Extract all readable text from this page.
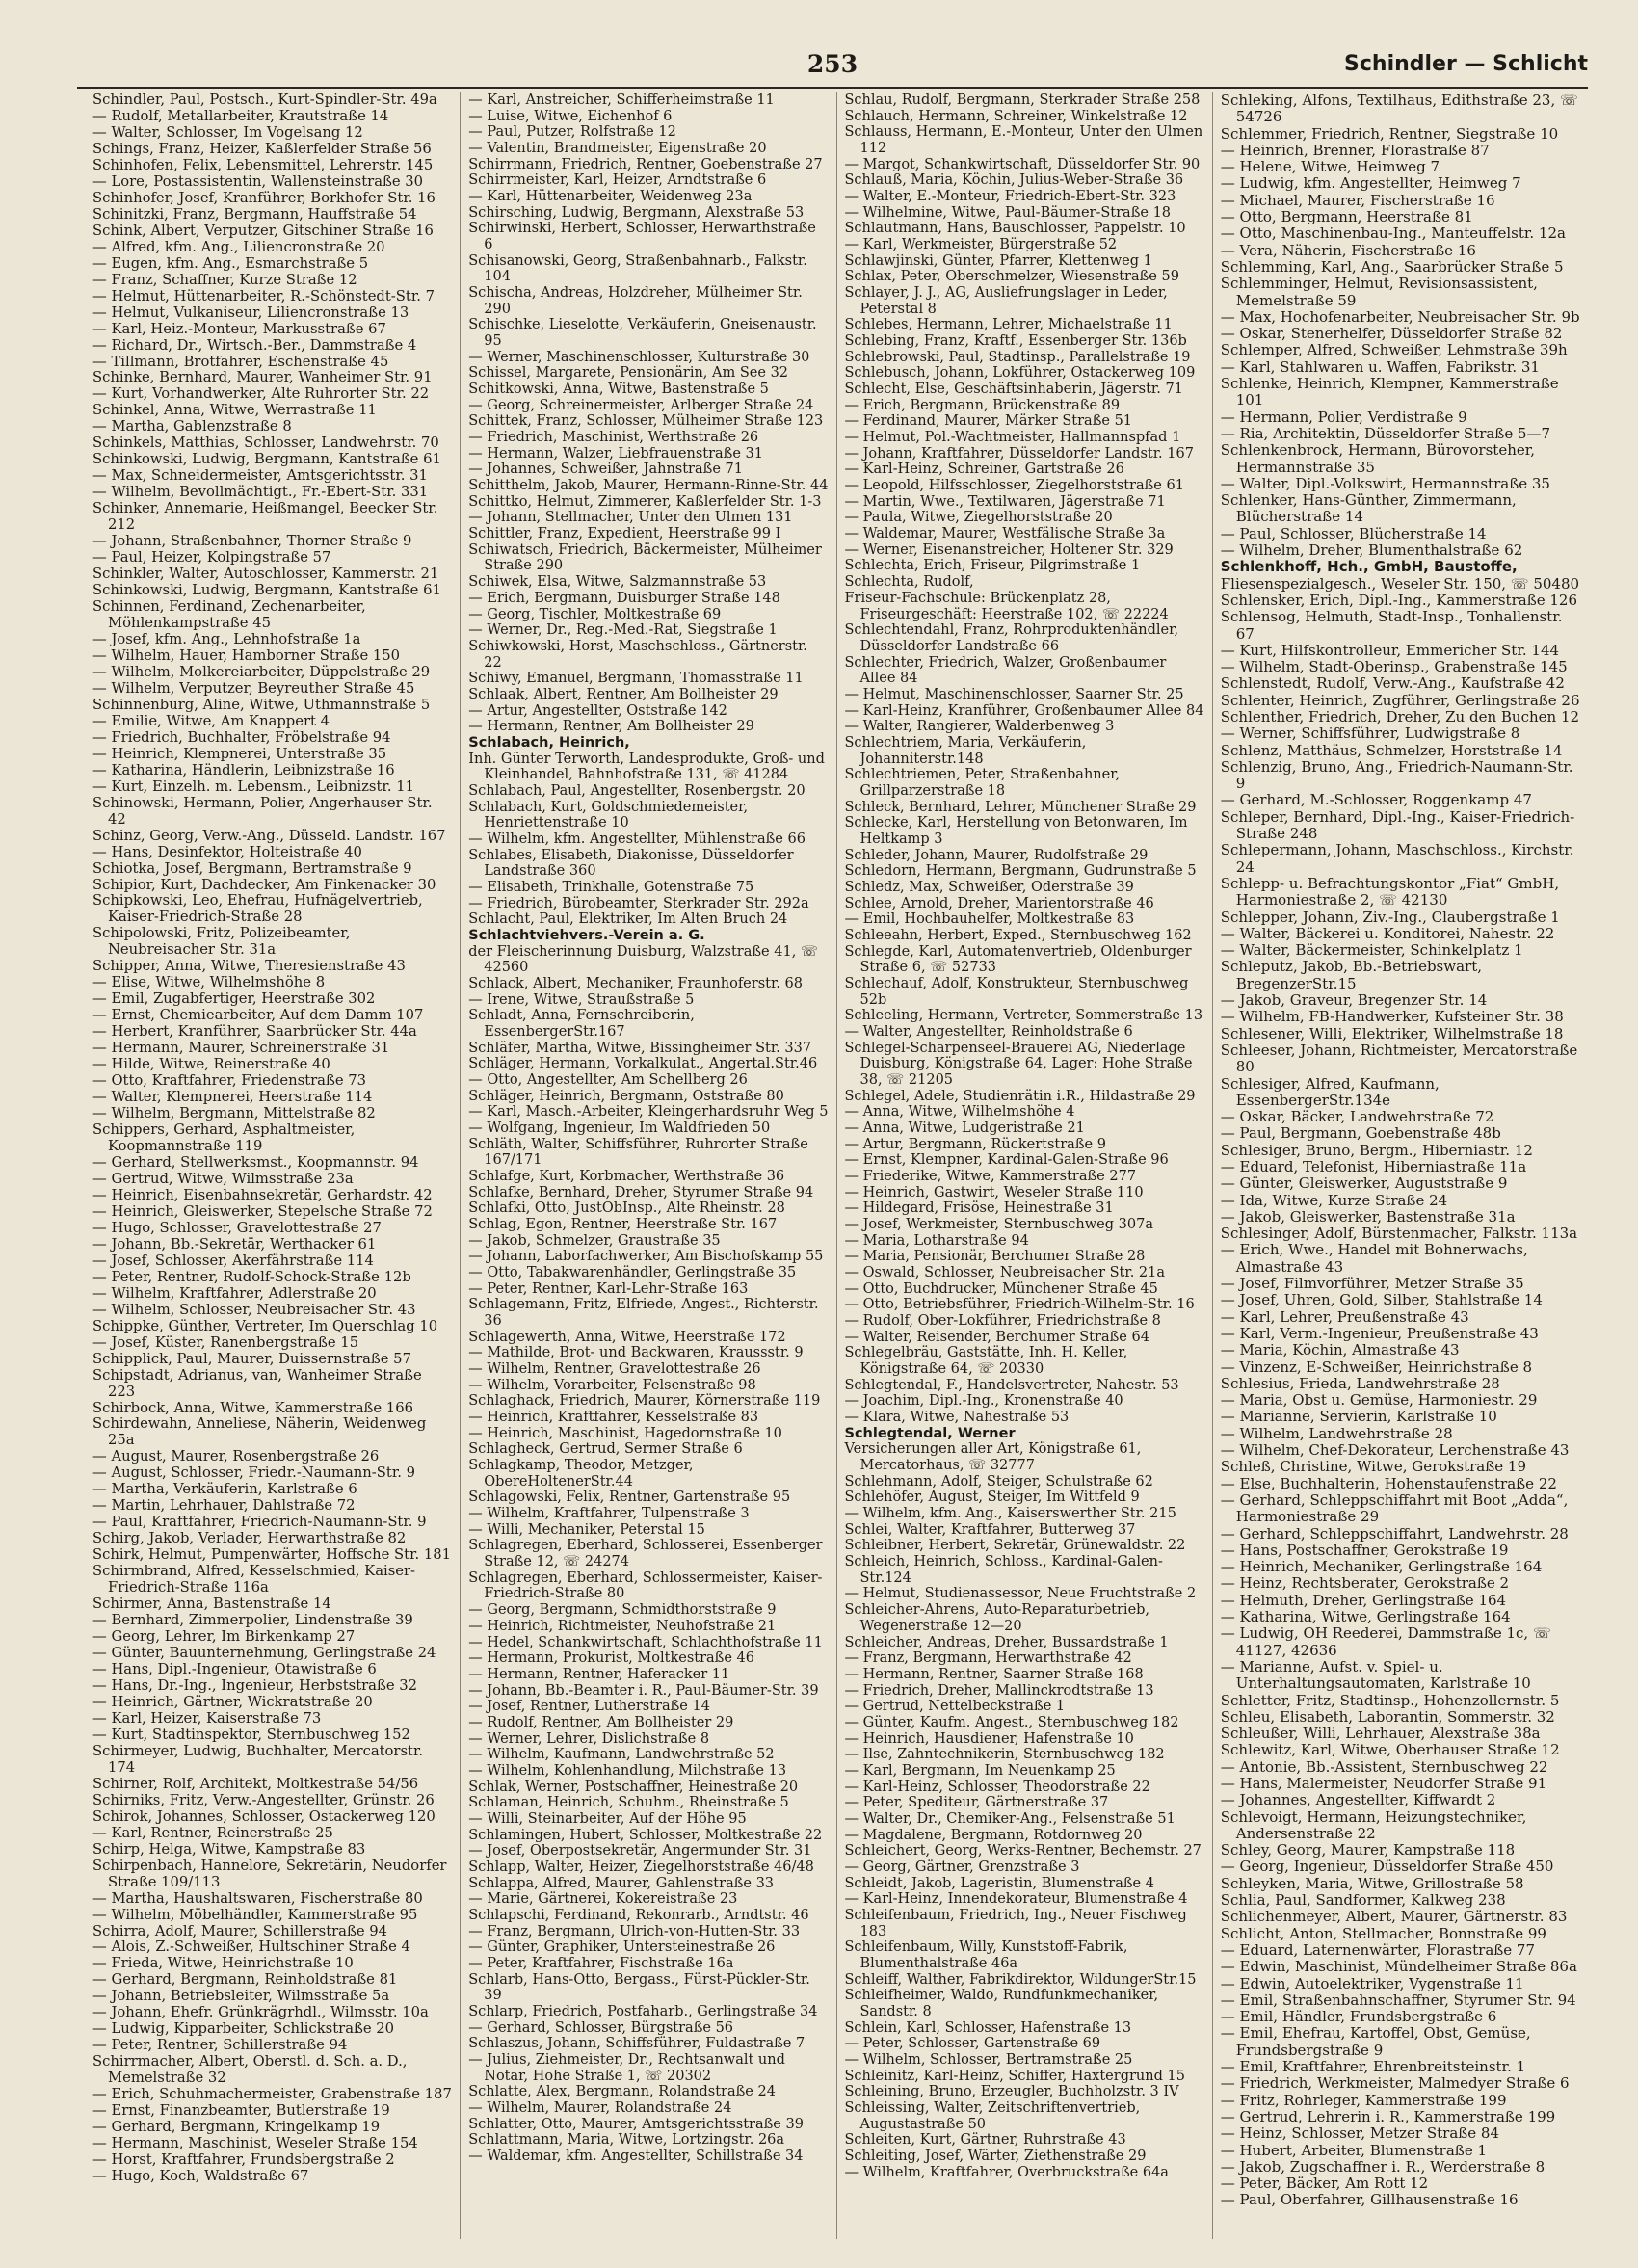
253	Schindler — Schlicht

Schindler, Paul, Postsch., Kurt-Spindler-Str. 49a

— Rudolf, Metallarbeiter, Krautstraße 14

— Walter, Schlosser, Im Vogelsang 12

Schings, Franz, Heizer, Kaßlerfelder Straße 56

Schinhofen, Felix, Lebensmittel, Lehrerstr. 145

— Lore, Postassistentin, Wallensteinstraße 30

Schinhofer, Josef, Kranführer, Borkhofer Str. 16

Schinitzki, Franz, Bergmann, Hauffstraße 54

Schink, Albert, Verputzer, Gitschiner Straße 16

— Alfred, kfm. Ang., Liliencronstraße 20

— Eugen, kfm. Ang., Esmarchstraße 5

— Franz, Schaffner, Kurze Straße 12

— Helmut, Hüttenarbeiter, R.-Schönstedt-Str. 7

— Helmut, Vulkaniseur, Liliencronstraße 13

— Karl, Heiz.-Monteur, Markusstraße 67

— Richard, Dr., Wirtsch.-Ber., Dammstraße 4

— Tillmann, Brotfahrer, Eschenstraße 45

Schinke, Bernhard, Maurer, Wanheimer Str. 91

— Kurt, Vorhandwerker, Alte Ruhrorter Str. 22

Schinkel, Anna, Witwe, Werrastraße 11

— Martha, Gablenzstraße 8

Schinkels, Matthias, Schlosser, Landwehrstr. 70

Schinkowski, Ludwig, Bergmann, Kantstraße 61

— Max, Schneidermeister, Amtsgerichtsstr. 31

— Wilhelm, Bevollmächtigt., Fr.-Ebert-Str. 331

Schinker, Annemarie, Heißmangel, Beecker Str. 212

— Johann, Straßenbahner, Thorner Straße 9

— Paul, Heizer, Kolpingstraße 57

Schinkler, Walter, Autoschlosser, Kammerstr. 21

Schinkowski, Ludwig, Bergmann, Kantstraße 61

Schinnen, Ferdinand, Zechenarbeiter, Möhlenkampstraße 45

— Josef, kfm. Ang., Lehnhofstraße 1a

— Wilhelm, Hauer, Hamborner Straße 150

— Wilhelm, Molkereiarbeiter, Düppelstraße 29

— Wilhelm, Verputzer, Beyreuther Straße 45

Schinnenburg, Aline, Witwe, Uthmannstraße 5

— Emilie, Witwe, Am Knappert 4

— Friedrich, Buchhalter, Fröbelstraße 94

— Heinrich, Klempnerei, Unterstraße 35

— Katharina, Händlerin, Leibnizstraße 16

— Kurt, Einzelh. m. Lebensm., Leibnizstr. 11

Schinowski, Hermann, Polier, Angerhauser Str. 42

Schinz, Georg, Verw.-Ang., Düsseld. Landstr. 167

— Hans, Desinfektor, Holteistraße 40

Schiotka, Josef, Bergmann, Bertramstraße 9

Schipior, Kurt, Dachdecker, Am Finkenacker 30

Schipkowski, Leo, Ehefrau, Hufnägelvertrieb, Kaiser-Friedrich-Straße 28

Schipolowski, Fritz, Polizeibeamter, Neubreisacher Str. 31a

Schipper, Anna, Witwe, Theresienstraße 43

— Elise, Witwe, Wilhelmshöhe 8

— Emil, Zugabfertiger, Heerstraße 302

— Ernst, Chemiearbeiter, Auf dem Damm 107

— Herbert, Kranführer, Saarbrücker Str. 44a

— Hermann, Maurer, Schreinerstraße 31

— Hilde, Witwe, Reinerstraße 40

— Otto, Kraftfahrer, Friedenstraße 73

— Walter, Klempnerei, Heerstraße 114

— Wilhelm, Bergmann, Mittelstraße 82

Schippers, Gerhard, Asphaltmeister, Koopmannstraße 119

— Gerhard, Stellwerksmst., Koopmannstr. 94

— Gertrud, Witwe, Wilmsstraße 23a

— Heinrich, Eisenbahnsekretär, Gerhardstr. 42

— Heinrich, Gleiswerker, Stepelsche Straße 72

— Hugo, Schlosser, Gravelottestraße 27

— Johann, Bb.-Sekretär, Werthacker 61

— Josef, Schlosser, Akerfährstraße 114

— Peter, Rentner, Rudolf-Schock-Straße 12b

— Wilhelm, Kraftfahrer, Adlerstraße 20

— Wilhelm, Schlosser, Neubreisacher Str. 43

Schippke, Günther, Vertreter, Im Querschlag 10

— Josef, Küster, Ranenbergstraße 15

Schipplick, Paul, Maurer, Duissernstraße 57

Schipstadt, Adrianus, van, Wanheimer Straße 223

Schirbock, Anna, Witwe, Kammerstraße 166

Schirdewahn, Anneliese, Näherin, Weidenweg 25a

— August, Maurer, Rosenbergstraße 26

— August, Schlosser, Friedr.-Naumann-Str. 9

— Martha, Verkäuferin, Karlstraße 6

— Martin, Lehrhauer, Dahlstraße 72

— Paul, Kraftfahrer, Friedrich-Naumann-Str. 9

Schirg, Jakob, Verlader, Herwarthstraße 82

Schirk, Helmut, Pumpenwärter, Hoffsche Str. 181

Schirmbrand, Alfred, Kesselschmied, Kaiser-Friedrich-Straße 116a

Schirmer, Anna, Bastenstraße 14

— Bernhard, Zimmerpolier, Lindenstraße 39

— Georg, Lehrer, Im Birkenkamp 27

— Günter, Bauunternehmung, Gerlingstraße 24

— Hans, Dipl.-Ingenieur, Otawistraße 6

— Hans, Dr.-Ing., Ingenieur, Herbststraße 32

— Heinrich, Gärtner, Wickratstraße 20

— Karl, Heizer, Kaiserstraße 73

— Kurt, Stadtinspektor, Sternbuschweg 152

Schirmeyer, Ludwig, Buchhalter, Mercatorstr. 174

Schirner, Rolf, Architekt, Moltkestraße 54/56

Schirniks, Fritz, Verw.-Angestellter, Grünstr. 26

Schirok, Johannes, Schlosser, Ostackerweg 120

— Karl, Rentner, Reinerstraße 25

Schirp, Helga, Witwe, Kampstraße 83

Schirpenbach, Hannelore, Sekretärin, Neudorfer Straße 109/113

— Martha, Haushaltswaren, Fischerstraße 80

— Wilhelm, Möbelhändler, Kammerstraße 95

Schirra, Adolf, Maurer, Schillerstraße 94

— Alois, Z.-Schweißer, Hultschiner Straße 4

— Frieda, Witwe, Heinrichstraße 10

— Gerhard, Bergmann, Reinholdstraße 81

— Johann, Betriebsleiter, Wilmsstraße 5a

— Johann, Ehefr. Grünkrägrhdl., Wilmsstr. 10a

— Ludwig, Kipparbeiter, Schlickstraße 20

— Peter, Rentner, Schillerstraße 94

Schirrmacher, Albert, Oberstl. d. Sch. a. D., Memelstraße 32

— Erich, Schuhmachermeister, Grabenstraße 187

— Ernst, Finanzbeamter, Butlerstraße 19

— Gerhard, Bergmann, Kringelkamp 19

— Hermann, Maschinist, Weseler Straße 154

— Horst, Kraftfahrer, Frundsbergstraße 2

— Hugo, Koch, Waldstraße 67

— Karl, Anstreicher, Schifferheimstraße 11

— Luise, Witwe, Eichenhof 6

— Paul, Putzer, Rolfstraße 12

— Valentin, Brandmeister, Eigenstraße 20

Schirrmann, Friedrich, Rentner, Goebenstraße 27

Schirrmeister, Karl, Heizer, Arndtstraße 6

— Karl, Hüttenarbeiter, Weidenweg 23a

Schirsching, Ludwig, Bergmann, Alexstraße 53

Schirwinski, Herbert, Schlosser, Herwarthstraße 6

Schisanowski, Georg, Straßenbahnarb., Falkstr. 104

Schischa, Andreas, Holzdreher, Mülheimer Str. 290

Schischke, Lieselotte, Verkäuferin, Gneisenaustr. 95

— Werner, Maschinenschlosser, Kulturstraße 30

Schissel, Margarete, Pensionärin, Am See 32

Schitkowski, Anna, Witwe, Bastenstraße 5

— Georg, Schreinermeister, Arlberger Straße 24

Schittek, Franz, Schlosser, Mülheimer Straße 123

— Friedrich, Maschinist, Werthstraße 26

— Hermann, Walzer, Liebfrauenstraße 31

— Johannes, Schweißer, Jahnstraße 71

Schitthelm, Jakob, Maurer, Hermann-Rinne-Str. 44

Schittko, Helmut, Zimmerer, Kaßlerfelder Str. 1-3

— Johann, Stellmacher, Unter den Ulmen 131

Schittler, Franz, Expedient, Heerstraße 99 I

Schiwatsch, Friedrich, Bäckermeister, Mülheimer Straße 290

Schiwek, Elsa, Witwe, Salzmannstraße 53

— Erich, Bergmann, Duisburger Straße 148

— Georg, Tischler, Moltkestraße 69

— Werner, Dr., Reg.-Med.-Rat, Siegstraße 1

Schiwkowski, Horst, Maschschloss., Gärtnerstr. 22

Schiwy, Emanuel, Bergmann, Thomasstraße 11

Schlaak, Albert, Rentner, Am Bollheister 29

— Artur, Angestellter, Oststraße 142

— Hermann, Rentner, Am Bollheister 29

Schlabach, Heinrich,

Inh. Günter Terworth, Landesprodukte, Groß- und Kleinhandel, Bahnhofstraße 131, ☏ 41284

Schlabach, Paul, Angestellter, Rosenbergstr. 20

Schlabach, Kurt, Goldschmiedemeister, Henriettenstraße 10

— Wilhelm, kfm. Angestellter, Mühlenstraße 66

Schlabes, Elisabeth, Diakonisse, Düsseldorfer Landstraße 360

— Elisabeth, Trinkhalle, Gotenstraße 75

— Friedrich, Bürobeamter, Sterkrader Str. 292a

Schlacht, Paul, Elektriker, Im Alten Bruch 24

Schlachtviehvers.-Verein a. G.

der Fleischerinnung Duisburg, Walzstraße 41, ☏ 42560

Schlack, Albert, Mechaniker, Fraunhoferstr. 68

— Irene, Witwe, Straußstraße 5

Schladt, Anna, Fernschreiberin, EssenbergerStr.167

Schläfer, Martha, Witwe, Bissingheimer Str. 337

Schläger, Hermann, Vorkalkulat., Angertal.Str.46

— Otto, Angestellter, Am Schellberg 26

Schläger, Heinrich, Bergmann, Oststraße 80

— Karl, Masch.-Arbeiter, Kleingerhardsruhr Weg 5

— Wolfgang, Ingenieur, Im Waldfrieden 50

Schläth, Walter, Schiffsführer, Ruhrorter Straße 167/171

Schlafge, Kurt, Korbmacher, Werthstraße 36

Schlafke, Bernhard, Dreher, Styrumer Straße 94

Schlafki, Otto, JustObInsp., Alte Rheinstr. 28

Schlag, Egon, Rentner, Heerstraße Str. 167

— Jakob, Schmelzer, Graustraße 35

— Johann, Laborfachwerker, Am Bischofskamp 55

— Otto, Tabakwarenhändler, Gerlingstraße 35

— Peter, Rentner, Karl-Lehr-Straße 163

Schlagemann, Fritz, Elfriede, Angest., Richterstr. 36

Schlagewerth, Anna, Witwe, Heerstraße 172

— Mathilde, Brot- und Backwaren, Kraussstr. 9

— Wilhelm, Rentner, Gravelottestraße 26

— Wilhelm, Vorarbeiter, Felsenstraße 98

Schlaghack, Friedrich, Maurer, Körnerstraße 119

— Heinrich, Kraftfahrer, Kesselstraße 83

— Heinrich, Maschinist, Hagedornstraße 10

Schlagheck, Gertrud, Sermer Straße 6

Schlagkamp, Theodor, Metzger, ObereHoltenerStr.44

Schlagowski, Felix, Rentner, Gartenstraße 95

— Wilhelm, Kraftfahrer, Tulpenstraße 3

— Willi, Mechaniker, Peterstal 15

Schlagregen, Eberhard, Schlosserei, Essenberger Straße 12, ☏ 24274

Schlagregen, Eberhard, Schlossermeister, Kaiser-Friedrich-Straße 80

— Georg, Bergmann, Schmidthorststraße 9

— Heinrich, Richtmeister, Neuhofstraße 21

— Hedel, Schankwirtschaft, Schlachthofstraße 11

— Hermann, Prokurist, Moltkestraße 46

— Hermann, Rentner, Haferacker 11

— Johann, Bb.-Beamter i. R., Paul-Bäumer-Str. 39

— Josef, Rentner, Lutherstraße 14

— Rudolf, Rentner, Am Bollheister 29

— Werner, Lehrer, Dislichstraße 8

— Wilhelm, Kaufmann, Landwehrstraße 52

— Wilhelm, Kohlenhandlung, Milchstraße 13

Schlak, Werner, Postschaffner, Heinestraße 20

Schlaman, Heinrich, Schuhm., Rheinstraße 5

— Willi, Steinarbeiter, Auf der Höhe 95

Schlamingen, Hubert, Schlosser, Moltkestraße 22

— Josef, Oberpostsekretär, Angermunder Str. 31

Schlapp, Walter, Heizer, Ziegelhorststraße 46/48

Schlappa, Alfred, Maurer, Gahlenstraße 33

— Marie, Gärtnerei, Kokereistraße 23

Schlapschi, Ferdinand, Rekonrarb., Arndtstr. 46

— Franz, Bergmann, Ulrich-von-Hutten-Str. 33

— Günter, Graphiker, Untersteinestraße 26

— Peter, Kraftfahrer, Fischstraße 16a

Schlarb, Hans-Otto, Bergass., Fürst-Pückler-Str. 39

Schlarp, Friedrich, Postfaharb., Gerlingstraße 34

— Gerhard, Schlosser, Bürgstraße 56

Schlaszus, Johann, Schiffsführer, Fuldastraße 7

— Julius, Ziehmeister, Dr., Rechtsanwalt und Notar, Hohe Straße 1, ☏ 20302

Schlatte, Alex, Bergmann, Rolandstraße 24

— Wilhelm, Maurer, Rolandstraße 24

Schlatter, Otto, Maurer, Amtsgerichtsstraße 39

Schlattmann, Maria, Witwe, Lortzingstr. 26a

— Waldemar, kfm. Angestellter, Schillstraße 34

Schlau, Rudolf, Bergmann, Sterkrader Straße 258

Schlauch, Hermann, Schreiner, Winkelstraße 12

Schlauss, Hermann, E.-Monteur, Unter den Ulmen 112

— Margot, Schankwirtschaft, Düsseldorfer Str. 90

Schlauß, Maria, Köchin, Julius-Weber-Straße 36

— Walter, E.-Monteur, Friedrich-Ebert-Str. 323

— Wilhelmine, Witwe, Paul-Bäumer-Straße 18

Schlautmann, Hans, Bauschlosser, Pappelstr. 10

— Karl, Werkmeister, Bürgerstraße 52

Schlawjinski, Günter, Pfarrer, Klettenweg 1

Schlax, Peter, Oberschmelzer, Wiesenstraße 59

Schlayer, J. J., AG, Ausliefrungslager in Leder, Peterstal 8

Schlebes, Hermann, Lehrer, Michaelstraße 11

Schlebing, Franz, Kraftf., Essenberger Str. 136b

Schlebrowski, Paul, Stadtinsp., Parallelstraße 19

Schlebusch, Johann, Lokführer, Ostackerweg 109

Schlecht, Else, Geschäftsinhaberin, Jägerstr. 71

— Erich, Bergmann, Brückenstraße 89

— Ferdinand, Maurer, Märker Straße 51

— Helmut, Pol.-Wachtmeister, Hallmannspfad 1

— Johann, Kraftfahrer, Düsseldorfer Landstr. 167

— Karl-Heinz, Schreiner, Gartstraße 26

— Leopold, Hilfsschlosser, Ziegelhorststraße 61

— Martin, Wwe., Textilwaren, Jägerstraße 71

— Paula, Witwe, Ziegelhorststraße 20

— Waldemar, Maurer, Westfälische Straße 3a

— Werner, Eisenanstreicher, Holtener Str. 329

Schlechta, Erich, Friseur, Pilgrimstraße 1

Schlechta, Rudolf,

Friseur-Fachschule: Brückenplatz 28, Friseurgeschäft: Heerstraße 102, ☏ 22224

Schlechtendahl, Franz, Rohrproduktenhändler, Düsseldorfer Landstraße 66

Schlechter, Friedrich, Walzer, Großenbaumer Allee 84

— Helmut, Maschinenschlosser, Saarner Str. 25

— Karl-Heinz, Kranführer, Großenbaumer Allee 84

— Walter, Rangierer, Walderbenweg 3

Schlechtriem, Maria, Verkäuferin, Johanniterstr.148

Schlechtriemen, Peter, Straßenbahner, Grillparzerstraße 18

Schleck, Bernhard, Lehrer, Münchener Straße 29

Schlecke, Karl, Herstellung von Betonwaren, Im Heltkamp 3

Schleder, Johann, Maurer, Rudolfstraße 29

Schledorn, Hermann, Bergmann, Gudrunstraße 5

Schledz, Max, Schweißer, Oderstraße 39

Schlee, Arnold, Dreher, Marientorstraße 46

— Emil, Hochbauhelfer, Moltkestraße 83

Schleeahn, Herbert, Exped., Sternbuschweg 162

Schlegde, Karl, Automatenvertrieb, Oldenburger Straße 6, ☏ 52733

Schlechauf, Adolf, Konstrukteur, Sternbuschweg 52b

Schleeling, Hermann, Vertreter, Sommerstraße 13

— Walter, Angestellter, Reinholdstraße 6

Schlegel-Scharpenseel-Brauerei AG, Niederlage Duisburg, Königstraße 64, Lager: Hohe Straße 38, ☏ 21205

Schlegel, Adele, Studienrätin i.R., Hildastraße 29

— Anna, Witwe, Wilhelmshöhe 4

— Anna, Witwe, Ludgeristraße 21

— Artur, Bergmann, Rückertstraße 9

— Ernst, Klempner, Kardinal-Galen-Straße 96

— Friederike, Witwe, Kammerstraße 277

— Heinrich, Gastwirt, Weseler Straße 110

— Hildegard, Frisöse, Heinestraße 31

— Josef, Werkmeister, Sternbuschweg 307a

— Maria, Lotharstraße 94

— Maria, Pensionär, Berchumer Straße 28

— Oswald, Schlosser, Neubreisacher Str. 21a

— Otto, Buchdrucker, Münchener Straße 45

— Otto, Betriebsführer, Friedrich-Wilhelm-Str. 16

— Rudolf, Ober-Lokführer, Friedrichstraße 8

— Walter, Reisender, Berchumer Straße 64

Schlegelbräu, Gaststätte, Inh. H. Keller, Königstraße 64, ☏ 20330

Schlegtendal, F., Handelsvertreter, Nahestr. 53

— Joachim, Dipl.-Ing., Kronenstraße 40

— Klara, Witwe, Nahestraße 53

Schlegtendal, Werner

Versicherungen aller Art, Königstraße 61, Mercatorhaus, ☏ 32777

Schlehmann, Adolf, Steiger, Schulstraße 62

Schlehöfer, August, Steiger, Im Wittfeld 9

— Wilhelm, kfm. Ang., Kaiserswerther Str. 215

Schlei, Walter, Kraftfahrer, Butterweg 37

Schleibner, Herbert, Sekretär, Grünewaldstr. 22

Schleich, Heinrich, Schloss., Kardinal-Galen-Str.124

— Helmut, Studienassessor, Neue Fruchtstraße 2

Schleicher-Ahrens, Auto-Reparaturbetrieb, Wegenerstraße 12—20

Schleicher, Andreas, Dreher, Bussardstraße 1

— Franz, Bergmann, Herwarthstraße 42

— Hermann, Rentner, Saarner Straße 168

— Friedrich, Dreher, Mallinckrodtstraße 13

— Gertrud, Nettelbeckstraße 1

— Günter, Kaufm. Angest., Sternbuschweg 182

— Heinrich, Hausdiener, Hafenstraße 10

— Ilse, Zahntechnikerin, Sternbuschweg 182

— Karl, Bergmann, Im Neuenkamp 25

— Karl-Heinz, Schlosser, Theodorstraße 22

— Peter, Speditеur, Gärtnerstraße 37

— Walter, Dr., Chemiker-Ang., Felsenstraße 51

— Magdalene, Bergmann, Rotdornweg 20

Schleichert, Georg, Werks-Rentner, Bechemstr. 27

— Georg, Gärtner, Grenzstraße 3

Schleidt, Jakob, Lageristin, Blumenstraße 4

— Karl-Heinz, Innendekorateur, Blumenstraße 4

Schleifenbaum, Friedrich, Ing., Neuer Fischweg 183

Schleifenbaum, Willy, Kunststoff-Fabrik, Blumenthalstraße 46a

Schleiff, Walther, Fabrikdirektor, WildungerStr.15

Schleifheimer, Waldo, Rundfunkmechaniker, Sandstr. 8

Schlein, Karl, Schlosser, Hafenstraße 13

— Peter, Schlosser, Gartenstraße 69

— Wilhelm, Schlosser, Bertramstraße 25

Schleinitz, Karl-Heinz, Schiffer, Haxtergrund 15

Schleining, Bruno, Erzeugler, Buchholzstr. 3 IV

Schleissing, Walter, Zeitschriftenvertrieb, Augustastraße 50

Schleiten, Kurt, Gärtner, Ruhrstraße 43

Schleiting, Josef, Wärter, Ziethenstraße 29

— Wilhelm, Kraftfahrer, Overbruckstraße 64a

Schleking, Alfons, Textilhaus, Edithstraße 23, ☏ 54726

Schlemmer, Friedrich, Rentner, Siegstraße 10

— Heinrich, Brenner, Florastraße 87

— Helene, Witwe, Heimweg 7

— Ludwig, kfm. Angestellter, Heimweg 7

— Michael, Maurer, Fischerstraße 16

— Otto, Bergmann, Heerstraße 81

— Otto, Maschinenbau-Ing., Manteuffelstr. 12a

— Vera, Näherin, Fischerstraße 16

Schlemming, Karl, Ang., Saarbrücker Straße 5

Schlemminger, Helmut, Revisionsassistent, Memelstraße 59

— Max, Hochofenarbeiter, Neubreisacher Str. 9b

— Oskar, Stenerhelfer, Düsseldorfer Straße 82

Schlemper, Alfred, Schweißer, Lehmstraße 39h

— Karl, Stahlwaren u. Waffen, Fabrikstr. 31

Schlenke, Heinrich, Klempner, Kammerstraße 101

— Hermann, Polier, Verdistraße 9

— Ria, Architektin, Düsseldorfer Straße 5—7

Schlenkenbrock, Hermann, Bürovorsteher, Hermannstraße 35

— Walter, Dipl.-Volkswirt, Hermannstraße 35

Schlenker, Hans-Günther, Zimmermann, Blücherstraße 14

— Paul, Schlosser, Blücherstraße 14

— Wilhelm, Dreher, Blumenthalstraße 62

Schlenkhoff, Hch., GmbH, Baustoffe,

Fliesenspezialgesch., Weseler Str. 150, ☏ 50480

Schlensker, Erich, Dipl.-Ing., Kammerstraße 126

Schlensog, Helmuth, Stadt-Insp., Tonhallenstr. 67

— Kurt, Hilfskontrolleur, Emmericher Str. 144

— Wilhelm, Stadt-Oberinsp., Grabenstraße 145

Schlenstedt, Rudolf, Verw.-Ang., Kaufstraße 42

Schlenter, Heinrich, Zugführer, Gerlingstraße 26

Schlenther, Friedrich, Dreher, Zu den Buchen 12

— Werner, Schiffsführer, Ludwigstraße 8

Schlenz, Matthäus, Schmelzer, Horststraße 14

Schlenzig, Bruno, Ang., Friedrich-Naumann-Str. 9

— Gerhard, M.-Schlosser, Roggenkamp 47

Schleper, Bernhard, Dipl.-Ing., Kaiser-Friedrich-Straße 248

Schlepermann, Johann, Maschschloss., Kirchstr. 24

Schlepp- u. Befrachtungskontor „Fiat“ GmbH, Harmoniestraße 2, ☏ 42130

Schlepper, Johann, Ziv.-Ing., Claubergstraße 1

— Walter, Bäckerei u. Konditorei, Nahestr. 22

— Walter, Bäckermeister, Schinkelplatz 1

Schleputz, Jakob, Bb.-Betriebswart, BregenzerStr.15

— Jakob, Graveur, Bregenzer Str. 14

— Wilhelm, FB-Handwerker, Kufsteiner Str. 38

Schlesener, Willi, Elektriker, Wilhelmstraße 18

Schleeser, Johann, Richtmeister, Mercatorstraße 80

Schlesiger, Alfred, Kaufmann, EssenbergerStr.134e

— Oskar, Bäcker, Landwehrstraße 72

— Paul, Bergmann, Goebenstraße 48b

Schlesiger, Bruno, Bergm., Hibernіastr. 12

— Eduard, Telefonist, Hiberniastraße 11a

— Günter, Gleiswerker, Auguststraße 9

— Ida, Witwe, Kurze Straße 24

— Jakob, Gleiswerker, Bastenstraße 31a

Schlesinger, Adolf, Bürstenmacher, Falkstr. 113a

— Erich, Wwe., Handel mit Bohnerwachs, Almastraße 43

— Josef, Filmvorführer, Metzer Straße 35

— Josef, Uhren, Gold, Silber, Stahlstraße 14

— Karl, Lehrer, Preußenstraße 43

— Karl, Verm.-Ingenieur, Preußenstraße 43

— Maria, Köchin, Almastraße 43

— Vinzenz, E-Schweißer, Heinrichstraße 8

Schlesius, Frieda, Landwehrstraße 28

— Maria, Obst u. Gemüse, Harmoniestr. 29

— Marianne, Servierin, Karlstraße 10

— Wilhelm, Landwehrstraße 28

— Wilhelm, Chef-Dekorateur, Lerchenstraße 43

Schleß, Christine, Witwe, Gerokstraße 19

— Else, Buchhalterin, Hohenstaufenstraße 22

— Gerhard, Schleppschiffahrt mit Boot „Adda“, Harmoniestraße 29

— Gerhard, Schleppschiffahrt, Landwehrstr. 28

— Hans, Postschaffner, Gerokstraße 19

— Heinrich, Mechaniker, Gerlingstraße 164

— Heinz, Rechtsberater, Gerokstraße 2

— Helmuth, Dreher, Gerlingstraße 164

— Katharina, Witwe, Gerlingstraße 164

— Ludwig, OH Reederei, Dammstraße 1c, ☏ 41127, 42636

— Marianne, Aufst. v. Spiel- u. Unterhaltungsautomaten, Karlstraße 10

Schletter, Fritz, Stadtinsp., Hohenzollernstr. 5

Schleu, Elisabeth, Laborantin, Sommerstr. 32

Schleußer, Willi, Lehrhauer, Alexstraße 38a

Schlewitz, Karl, Witwe, Oberhauser Straße 12

— Antonie, Bb.-Assistent, Sternbuschweg 22

— Hans, Malermeister, Neudorfer Straße 91

— Johannes, Angestellter, Kiffwardt 2

Schlevoigt, Hermann, Heizungstechniker, Andersenstraße 22

Schley, Georg, Maurer, Kampstraße 118

— Georg, Ingenieur, Düsseldorfer Straße 450

Schleyken, Maria, Witwe, Grillostraße 58

Schlia, Paul, Sandformer, Kalkweg 238

Schlichenmeyer, Albert, Maurer, Gärtnerstr. 83

Schlicht, Anton, Stellmacher, Bonnstraße 99

— Eduard, Laternenwärter, Florastraße 77

— Edwin, Maschinist, Mündelheimer Straße 86a

— Edwin, Autoelektriker, Vygenstraße 11

— Emil, Straßenbahnschaffner, Styrumer Str. 94

— Emil, Händler, Frundsbergstraße 6

— Emil, Ehefrau, Kartoffel, Obst, Gemüse, Frundsbergstraße 9

— Emil, Kraftfahrer, Ehrenbreitsteinstr. 1

— Friedrich, Werkmeister, Malmedyer Straße 6

— Fritz, Rohrleger, Kammerstraße 199

— Gertrud, Lehrerin i. R., Kammerstraße 199

— Heinz, Schlosser, Metzer Straße 84

— Hubert, Arbeiter, Blumenstraße 1

— Jakob, Zugschaffner i. R., Werderstraße 8

— Peter, Bäcker, Am Rott 12

— Paul, Oberfahrer, Gillhausenstraße 16
